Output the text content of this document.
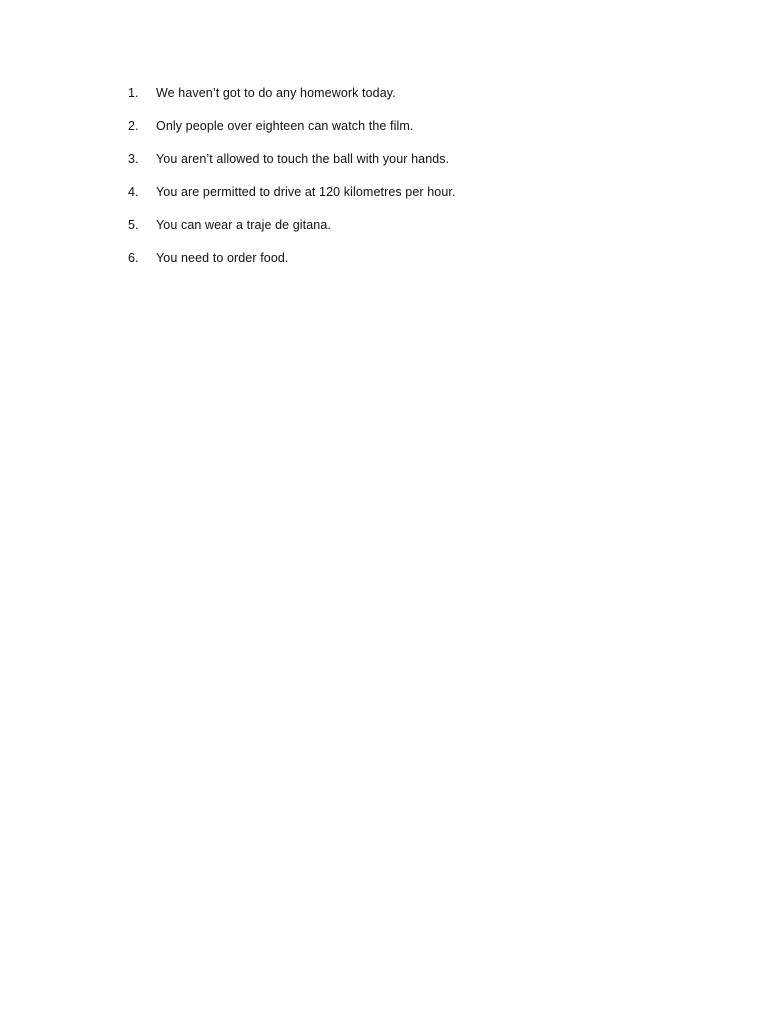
1.	We haven’t got to do any homework today.
2.	Only people over eighteen can watch the film.
3.	You aren’t allowed to touch the ball with your hands.
4.	You are permitted to drive at 120 kilometres per hour.
5.	You can wear a traje de gitana.
6.	You need to order food.
